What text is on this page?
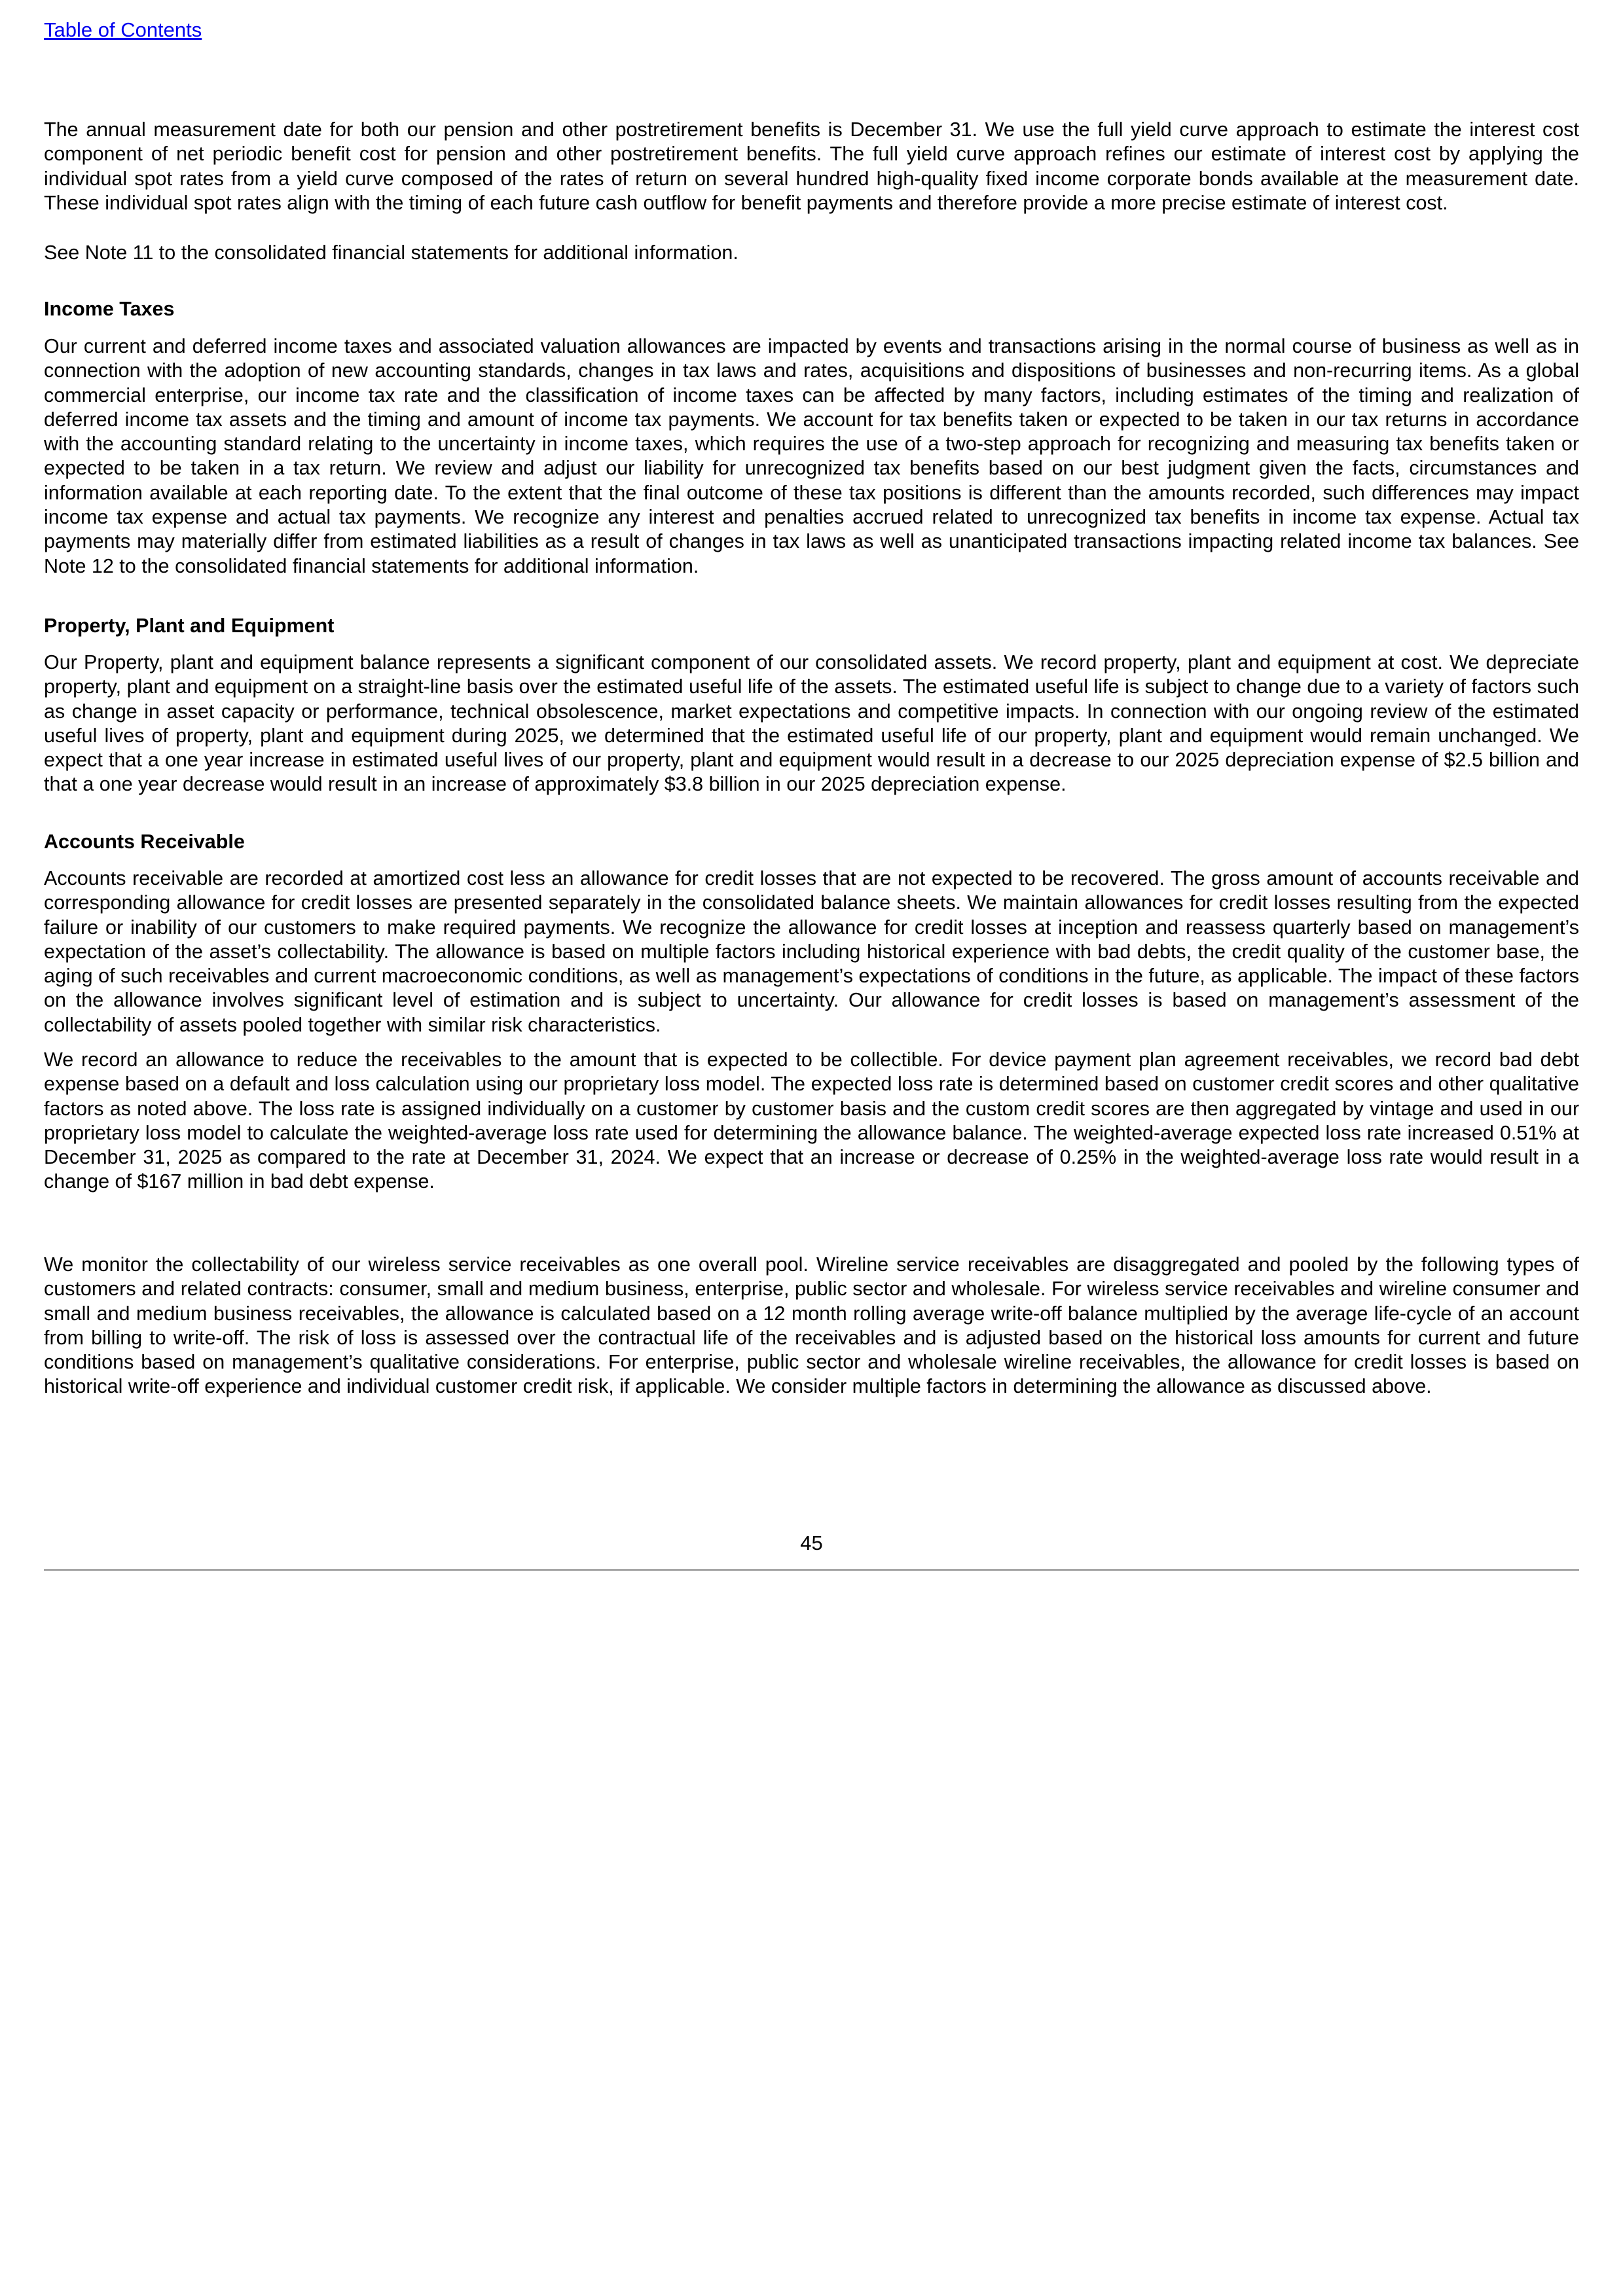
Table of Contents

The annual measurement date for both our pension and other postretirement benefits is December 31. We use the full yield curve approach to estimate the interest cost component of net periodic benefit cost for pension and other postretirement benefits. The full yield curve approach refines our estimate of interest cost by applying the individual spot rates from a yield curve composed of the rates of return on several hundred high-quality fixed income corporate bonds available at the measurement date. These individual spot rates align with the timing of each future cash outflow for benefit payments and therefore provide a more precise estimate of interest cost.

See Note 11 to the consolidated financial statements for additional information.

Income Taxes

Our current and deferred income taxes and associated valuation allowances are impacted by events and transactions arising in the normal course of business as well as in connection with the adoption of new accounting standards, changes in tax laws and rates, acquisitions and dispositions of businesses and non-recurring items. As a global commercial enterprise, our income tax rate and the classification of income taxes can be affected by many factors, including estimates of the timing and realization of deferred income tax assets and the timing and amount of income tax payments. We account for tax benefits taken or expected to be taken in our tax returns in accordance with the accounting standard relating to the uncertainty in income taxes, which requires the use of a two-step approach for recognizing and measuring tax benefits taken or expected to be taken in a tax return. We review and adjust our liability for unrecognized tax benefits based on our best judgment given the facts, circumstances and information available at each reporting date. To the extent that the final outcome of these tax positions is different than the amounts recorded, such differences may impact income tax expense and actual tax payments. We recognize any interest and penalties accrued related to unrecognized tax benefits in income tax expense. Actual tax payments may materially differ from estimated liabilities as a result of changes in tax laws as well as unanticipated transactions impacting related income tax balances. See Note 12 to the consolidated financial statements for additional information.

Property, Plant and Equipment

Our Property, plant and equipment balance represents a significant component of our consolidated assets. We record property, plant and equipment at cost. We depreciate property, plant and equipment on a straight-line basis over the estimated useful life of the assets. The estimated useful life is subject to change due to a variety of factors such as change in asset capacity or performance, technical obsolescence, market expectations and competitive impacts. In connection with our ongoing review of the estimated useful lives of property, plant and equipment during 2025, we determined that the estimated useful life of our property, plant and equipment would remain unchanged. We expect that a one year increase in estimated useful lives of our property, plant and equipment would result in a decrease to our 2025 depreciation expense of $2.5 billion and that a one year decrease would result in an increase of approximately $3.8 billion in our 2025 depreciation expense.

Accounts Receivable

Accounts receivable are recorded at amortized cost less an allowance for credit losses that are not expected to be recovered. The gross amount of accounts receivable and corresponding allowance for credit losses are presented separately in the consolidated balance sheets. We maintain allowances for credit losses resulting from the expected failure or inability of our customers to make required payments. We recognize the allowance for credit losses at inception and reassess quarterly based on management’s expectation of the asset’s collectability. The allowance is based on multiple factors including historical experience with bad debts, the credit quality of the customer base, the aging of such receivables and current macroeconomic conditions, as well as management’s expectations of conditions in the future, as applicable. The impact of these factors on the allowance involves significant level of estimation and is subject to uncertainty. Our allowance for credit losses is based on management’s assessment of the collectability of assets pooled together with similar risk characteristics.

We record an allowance to reduce the receivables to the amount that is expected to be collectible. For device payment plan agreement receivables, we record bad debt expense based on a default and loss calculation using our proprietary loss model. The expected loss rate is determined based on customer credit scores and other qualitative factors as noted above. The loss rate is assigned individually on a customer by customer basis and the custom credit scores are then aggregated by vintage and used in our proprietary loss model to calculate the weighted-average loss rate used for determining the allowance balance. The weighted-average expected loss rate increased 0.51% at December 31, 2025 as compared to the rate at December 31, 2024. We expect that an increase or decrease of 0.25% in the weighted-average loss rate would result in a change of $167 million in bad debt expense.

We monitor the collectability of our wireless service receivables as one overall pool. Wireline service receivables are disaggregated and pooled by the following types of customers and related contracts: consumer, small and medium business, enterprise, public sector and wholesale. For wireless service receivables and wireline consumer and small and medium business receivables, the allowance is calculated based on a 12 month rolling average write-off balance multiplied by the average life-cycle of an account from billing to write-off. The risk of loss is assessed over the contractual life of the receivables and is adjusted based on the historical loss amounts for current and future conditions based on management’s qualitative considerations. For enterprise, public sector and wholesale wireline receivables, the allowance for credit losses is based on historical write-off experience and individual customer credit risk, if applicable. We consider multiple factors in determining the allowance as discussed above.

45
